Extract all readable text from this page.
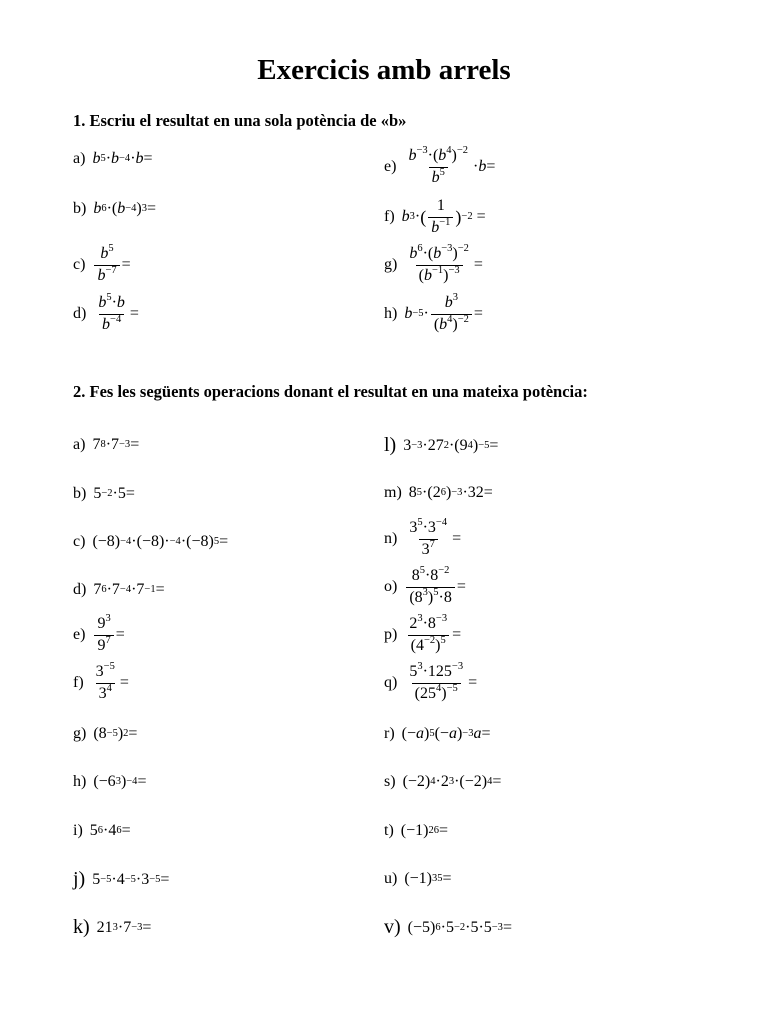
Exercicis amb arrels
1. Escriu el resultat en una sola potència de «b»
a) b 5 · b −4 · b =
b) b 6 ·( b −4 ) 3 =
$c) \frac{b^5}{b^{-7}}$ =
$d) \frac{b^5\cdot b}{b^{-4}}$ =
$e) \frac{b^{-3}\cdot(b^4)^{-2}}{b^5} \cdot b$ =
f) b 3 · ( $\frac{1}{b^{-1}}$ ) −2 =
$g) \frac{b^6\cdot(b^{-3})^{-2}}{(b^{-1})^{-3}}$ =
h) $b -5 \cdot \frac{b^3}{(b^4)^{-2}}$ =
2. Fes les següents operacions donant el resultat en una mateixa potència:
a) 7 8 ·7 −3 =
b) 5 −2 ·5=
c) (−8) −4 ·(−8)· −4 ·(−8) 5 =
d) 7 6 ·7 −4 ·7 −1 =
$e) \frac{9^3}{9^7}$ =
$f) \frac{3^{-5}}{3^4}$ =
g) (8 −5 ) 2 =
h) (−6 3 ) −4 =
i) 5 6 ·4 6 =
j) 5 −5 ·4 −5 ·3 −5 =
k) 21 3 ·7 −3 =
l) 3 −3 ·27 2 ·(9 4 ) −5 =
m) 8 5 ·(2 6 ) −3 ·32=
$n) \frac{3^5\cdot 3^{-4}}{3^7}$ =
$o) \frac{8^5\cdot 8^{-2}}{(8^3)^5\cdot 8}$ =
$p) \frac{2^3\cdot 8^{-3}}{(4^{-2})^5}$ =
$q) \frac{5^3\cdot 125^{-3}}{(25^4)^{-5}}$ =
r) (− a ) 5 (− a ) −3 a =
s) (−2) 4 ·2 3 ·(−2) 4 =
t) (−1) 26 =
u) (−1) 35 =
v) (−5) 6 ·5 −2 ·5·5 −3 =
